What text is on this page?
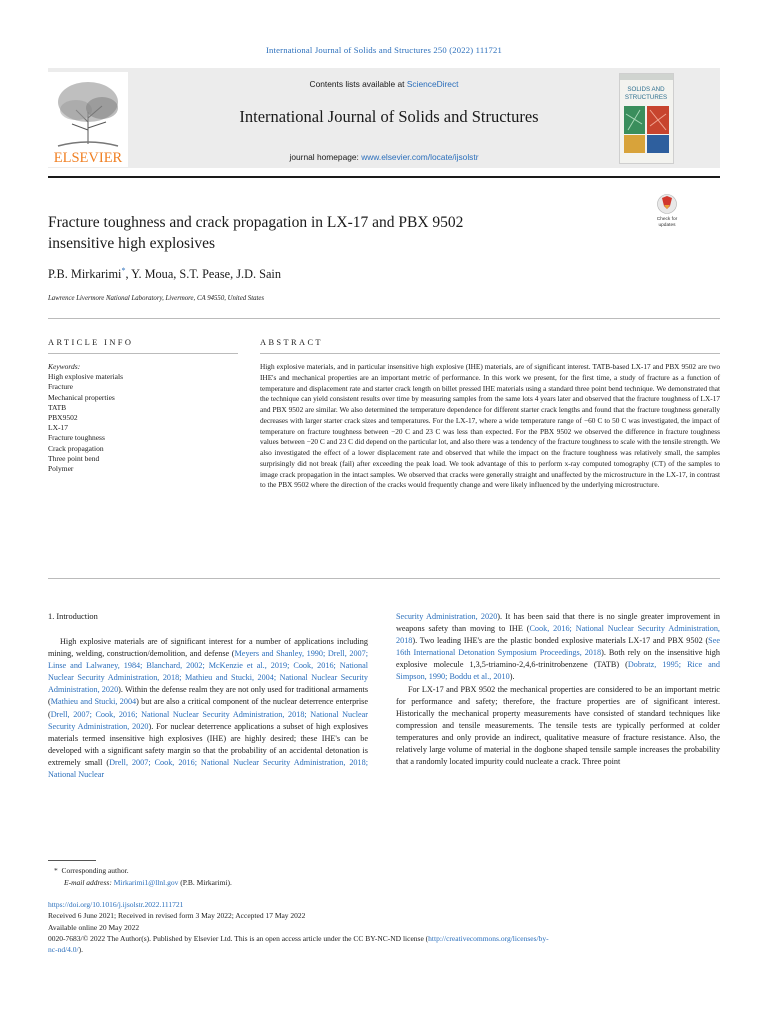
International Journal of Solids and Structures 250 (2022) 111721
ELSEVIER
Contents lists available at ScienceDirect
International Journal of Solids and Structures
journal homepage: www.elsevier.com/locate/ijsolstr
SOLIDS AND
STRUCTURES
Fracture toughness and crack propagation in LX-17 and PBX 9502
insensitive high explosives
Check for
updates
P.B. Mirkarimi*, Y. Moua, S.T. Pease, J.D. Sain
Lawrence Livermore National Laboratory, Livermore, CA 94550, United States
ARTICLE INFO	ABSTRACT
Keywords:
High explosive materials
Fracture
Mechanical properties
TATB
PBX9502
LX-17
Fracture toughness
Crack propagation
Three point bend
Polymer
High explosive materials, and in particular insensitive high explosive (IHE) materials, are of significant interest. TATB-based LX-17 and PBX 9502 are two IHE's and mechanical properties are an important metric of performance. In this work we present, for the first time, a study of fracture as a function of temperature and displacement rate and starter crack length on billet pressed IHE materials using a standard three point bend technique. We demonstrated that the technique can yield consistent results over time by measuring samples from the same lots 4 years later and observed that the fracture toughness of LX-17 and PBX 9502 are similar. We also determined the temperature dependence for different starter crack lengths and found that the fracture toughness generally decreases with larger starter crack sizes and temperatures. For the LX-17, where a wide temperature range of −60 C to 50 C was investigated, the impact of temperature on fracture toughness between −20 C and 23 C was less than expected. For the PBX 9502 we observed the difference in fracture toughness values between −20 C and 23 C did depend on the particular lot, and also there was a tendency of the fracture toughness to scale with the tensile strength. We also investigated the effect of a lower displacement rate and observed that while the impact on the fracture toughness was relatively small, the samples surprisingly did not break (fail) after exceeding the peak load. We took advantage of this to perform x-ray computed tomography (CT) of the samples to image crack propagation in the intact samples. We observed that cracks were generally straight and unaffected by the microstructure in the LX-17, in contrast to the PBX 9502 where the direction of the cracks would frequently change and were likely influenced by the underlying microstructure.
1. Introduction

High explosive materials are of significant interest for a number of applications including mining, welding, construction/demolition, and defense (Meyers and Shanley, 1990; Drell, 2007; Linse and Lalwaney, 1984; Blanchard, 2002; McKenzie et al., 2019; Cook, 2016; National Nuclear Security Administration, 2018; Mathieu and Stucki, 2004; National Nuclear Security Administration, 2020). Within the defense realm they are not only used for traditional armaments (Mathieu and Stucki, 2004) but are also a critical component of the nuclear deterrence enterprise (Drell, 2007; Cook, 2016; National Nuclear Security Administration, 2018; National Nuclear Security Administration, 2020). For nuclear deterrence applications a subset of high explosives materials termed insensitive high explosives (IHE) are highly desired; these IHE's can be developed with a significant safety margin so that the probability of an accidental detonation is extremely small (Drell, 2007; Cook, 2016; National Nuclear Security Administration, 2018; National Nuclear

Security Administration, 2020). It has been said that there is no single greater improvement in weapons safety than moving to IHE (Cook, 2016; National Nuclear Security Administration, 2018). Two leading IHE's are the plastic bonded explosive materials LX-17 and PBX 9502 (See 16th International Detonation Symposium Proceedings, 2018). Both rely on the insensitive high explosive molecule 1,3,5-triamino-2,4,6-trinitrobenzene (TATB) (Dobratz, 1995; Rice and Simpson, 1990; Boddu et al., 2010).

For LX-17 and PBX 9502 the mechanical properties are considered to be an important metric for performance and safety; therefore, the fracture properties are of significant interest. Historically the mechanical property measurements have consisted of standard techniques like compression and tensile measurements. The tensile tests are typically performed at colder temperatures and only provide an indirect, qualitative measure of fracture resistance. Also, the relatively large volume of material in the dogbone shaped tensile sample increases the probability that a randomly located impurity could nucleate a crack. Three point

* Corresponding author.
E-mail address: Mirkarimi1@llnl.gov (P.B. Mirkarimi).
https://doi.org/10.1016/j.ijsolstr.2022.111721
Received 6 June 2021; Received in revised form 3 May 2022; Accepted 17 May 2022
Available online 20 May 2022
0020-7683/© 2022 The Author(s). Published by Elsevier Ltd. This is an open access article under the CC BY-NC-ND license (http://creativecommons.org/licenses/by-
nc-nd/4.0/).
